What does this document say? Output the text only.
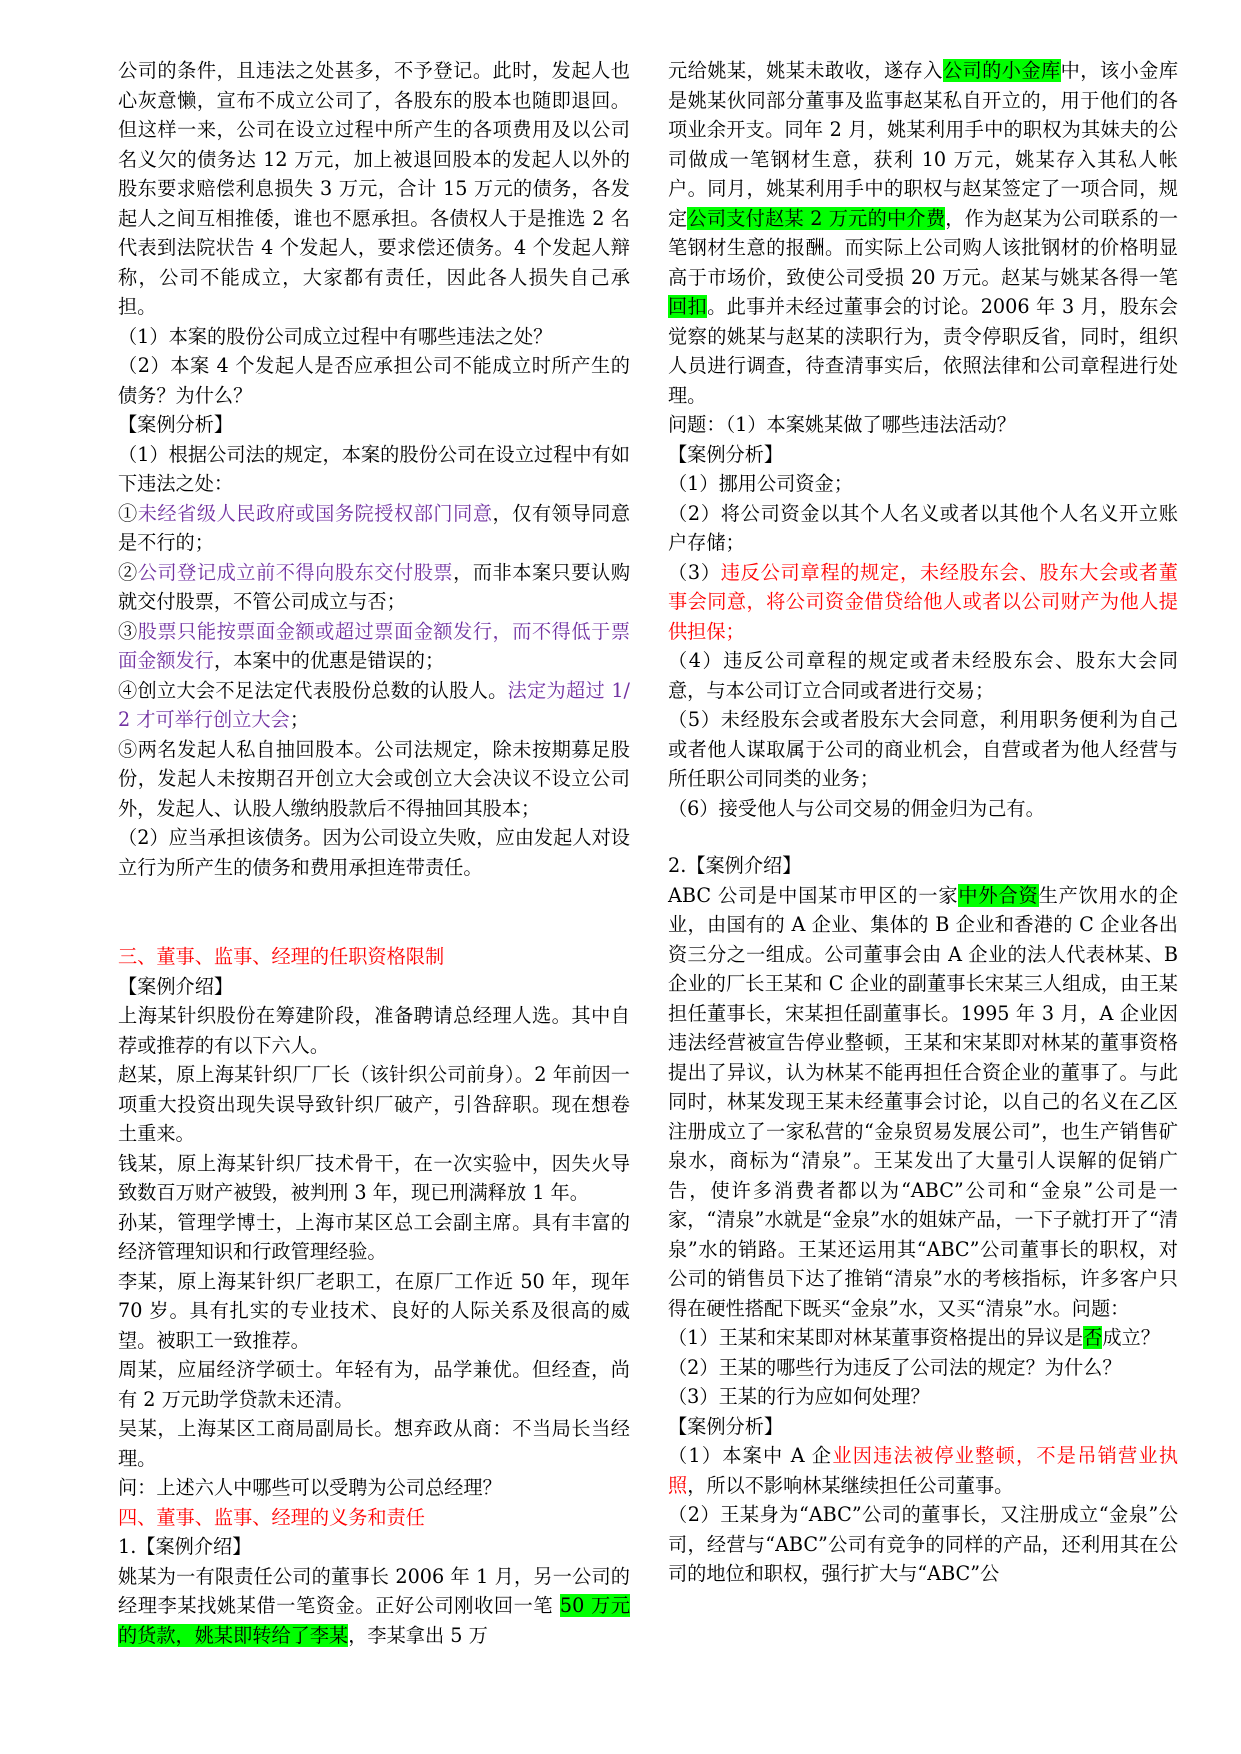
公司的条件，且违法之处甚多，不予登记。此时，发起人也心灰意懒，宣布不成立公司了，各股东的股本也随即退回。但这样一来，公司在设立过程中所产生的各项费用及以公司名义欠的债务达 12 万元，加上被退回股本的发起人以外的股东要求赔偿利息损失 3 万元，合计 15 万元的债务，各发起人之间互相推倭，谁也不愿承担。各债权人于是推选 2 名代表到法院状告 4 个发起人，要求偿还债务。4 个发起人辩称，公司不能成立，大家都有责任，因此各人损失自己承担。

（1）本案的股份公司成立过程中有哪些违法之处？

（2）本案 4 个发起人是否应承担公司不能成立时所产生的债务？为什么？

【案例分析】

（1）根据公司法的规定，本案的股份公司在设立过程中有如下违法之处：

①未经省级人民政府或国务院授权部门同意，仅有领导同意是不行的；

②公司登记成立前不得向股东交付股票，而非本案只要认购就交付股票，不管公司成立与否；

③股票只能按票面金额或超过票面金额发行，而不得低于票面金额发行，本案中的优惠是错误的；

④创立大会不足法定代表股份总数的认股人。法定为超过 1/2 才可举行创立大会；

⑤两名发起人私自抽回股本。公司法规定，除未按期募足股份，发起人未按期召开创立大会或创立大会决议不设立公司外，发起人、认股人缴纳股款后不得抽回其股本；

（2）应当承担该债务。因为公司设立失败，应由发起人对设立行为所产生的债务和费用承担连带责任。

三、董事、监事、经理的任职资格限制

【案例介绍】

上海某针织股份在筹建阶段，准备聘请总经理人选。其中自荐或推荐的有以下六人。

赵某，原上海某针织厂厂长（该针织公司前身）。2 年前因一项重大投资出现失误导致针织厂破产，引咎辞职。现在想卷土重来。

钱某，原上海某针织厂技术骨干，在一次实验中，因失火导致数百万财产被毁，被判刑 3 年，现已刑满释放 1 年。

孙某，管理学博士，上海市某区总工会副主席。具有丰富的经济管理知识和行政管理经验。

李某，原上海某针织厂老职工，在原厂工作近 50 年，现年 70 岁。具有扎实的专业技术、良好的人际关系及很高的威望。被职工一致推荐。

周某，应届经济学硕士。年轻有为，品学兼优。但经查，尚有 2 万元助学贷款未还清。

吴某，上海某区工商局副局长。想弃政从商：不当局长当经理。

问：上述六人中哪些可以受聘为公司总经理？

四、董事、监事、经理的义务和责任

1.【案例介绍】

姚某为一有限责任公司的董事长 2006 年 1 月，另一公司的经理李某找姚某借一笔资金。正好公司刚收回一笔 50 万元的货款，姚某即转给了李某，李某拿出 5 万

元给姚某，姚某未敢收，遂存入公司的小金库中，该小金库是姚某伙同部分董事及监事赵某私自开立的，用于他们的各项业余开支。同年 2 月，姚某利用手中的职权为其妹夫的公司做成一笔钢材生意，获利 10 万元，姚某存入其私人帐户。同月，姚某利用手中的职权与赵某签定了一项合同，规定公司支付赵某 2 万元的中介费，作为赵某为公司联系的一笔钢材生意的报酬。而实际上公司购人该批钢材的价格明显高于市场价，致使公司受损 20 万元。赵某与姚某各得一笔回扣。此事并未经过董事会的讨论。2006 年 3 月，股东会觉察的姚某与赵某的渎职行为，责令停职反省，同时，组织人员进行调查，待查清事实后，依照法律和公司章程进行处理。

问题：（1）本案姚某做了哪些违法活动？

【案例分析】

（1）挪用公司资金；

（2）将公司资金以其个人名义或者以其他个人名义开立账户存储；

（3）违反公司章程的规定，未经股东会、股东大会或者董事会同意，将公司资金借贷给他人或者以公司财产为他人提供担保；

（4）违反公司章程的规定或者未经股东会、股东大会同意，与本公司订立合同或者进行交易；

（5）未经股东会或者股东大会同意，利用职务便利为自己或者他人谋取属于公司的商业机会，自营或者为他人经营与所任职公司同类的业务；

（6）接受他人与公司交易的佣金归为己有。

2.【案例介绍】

ABC 公司是中国某市甲区的一家中外合资生产饮用水的企业，由国有的 A 企业、集体的 B 企业和香港的 C 企业各出资三分之一组成。公司董事会由 A 企业的法人代表林某、B 企业的厂长王某和 C 企业的副董事长宋某三人组成，由王某担任董事长，宋某担任副董事长。1995 年 3 月，A 企业因违法经营被宣告停业整顿，王某和宋某即对林某的董事资格提出了异议，认为林某不能再担任合资企业的董事了。与此同时，林某发现王某未经董事会讨论，以自己的名义在乙区注册成立了一家私营的“金泉贸易发展公司”，也生产销售矿泉水，商标为“清泉”。王某发出了大量引人误解的促销广告，使许多消费者都以为“ABC”公司和“金泉”公司是一家，“清泉”水就是“金泉”水的姐妹产品，一下子就打开了“清泉”水的销路。王某还运用其“ABC”公司董事长的职权，对公司的销售员下达了推销“清泉”水的考核指标，许多客户只得在硬性搭配下既买“金泉”水，又买“清泉”水。问题：

（1）王某和宋某即对林某董事资格提出的异议是否成立？

（2）王某的哪些行为违反了公司法的规定？为什么？

（3）王某的行为应如何处理？

【案例分析】

（1）本案中 A 企业因违法被停业整顿，不是吊销营业执照，所以不影响林某继续担任公司董事。

（2）王某身为“ABC”公司的董事长，又注册成立“金泉”公司，经营与“ABC”公司有竞争的同样的产品，还利用其在公司的地位和职权，强行扩大与“ABC”公
